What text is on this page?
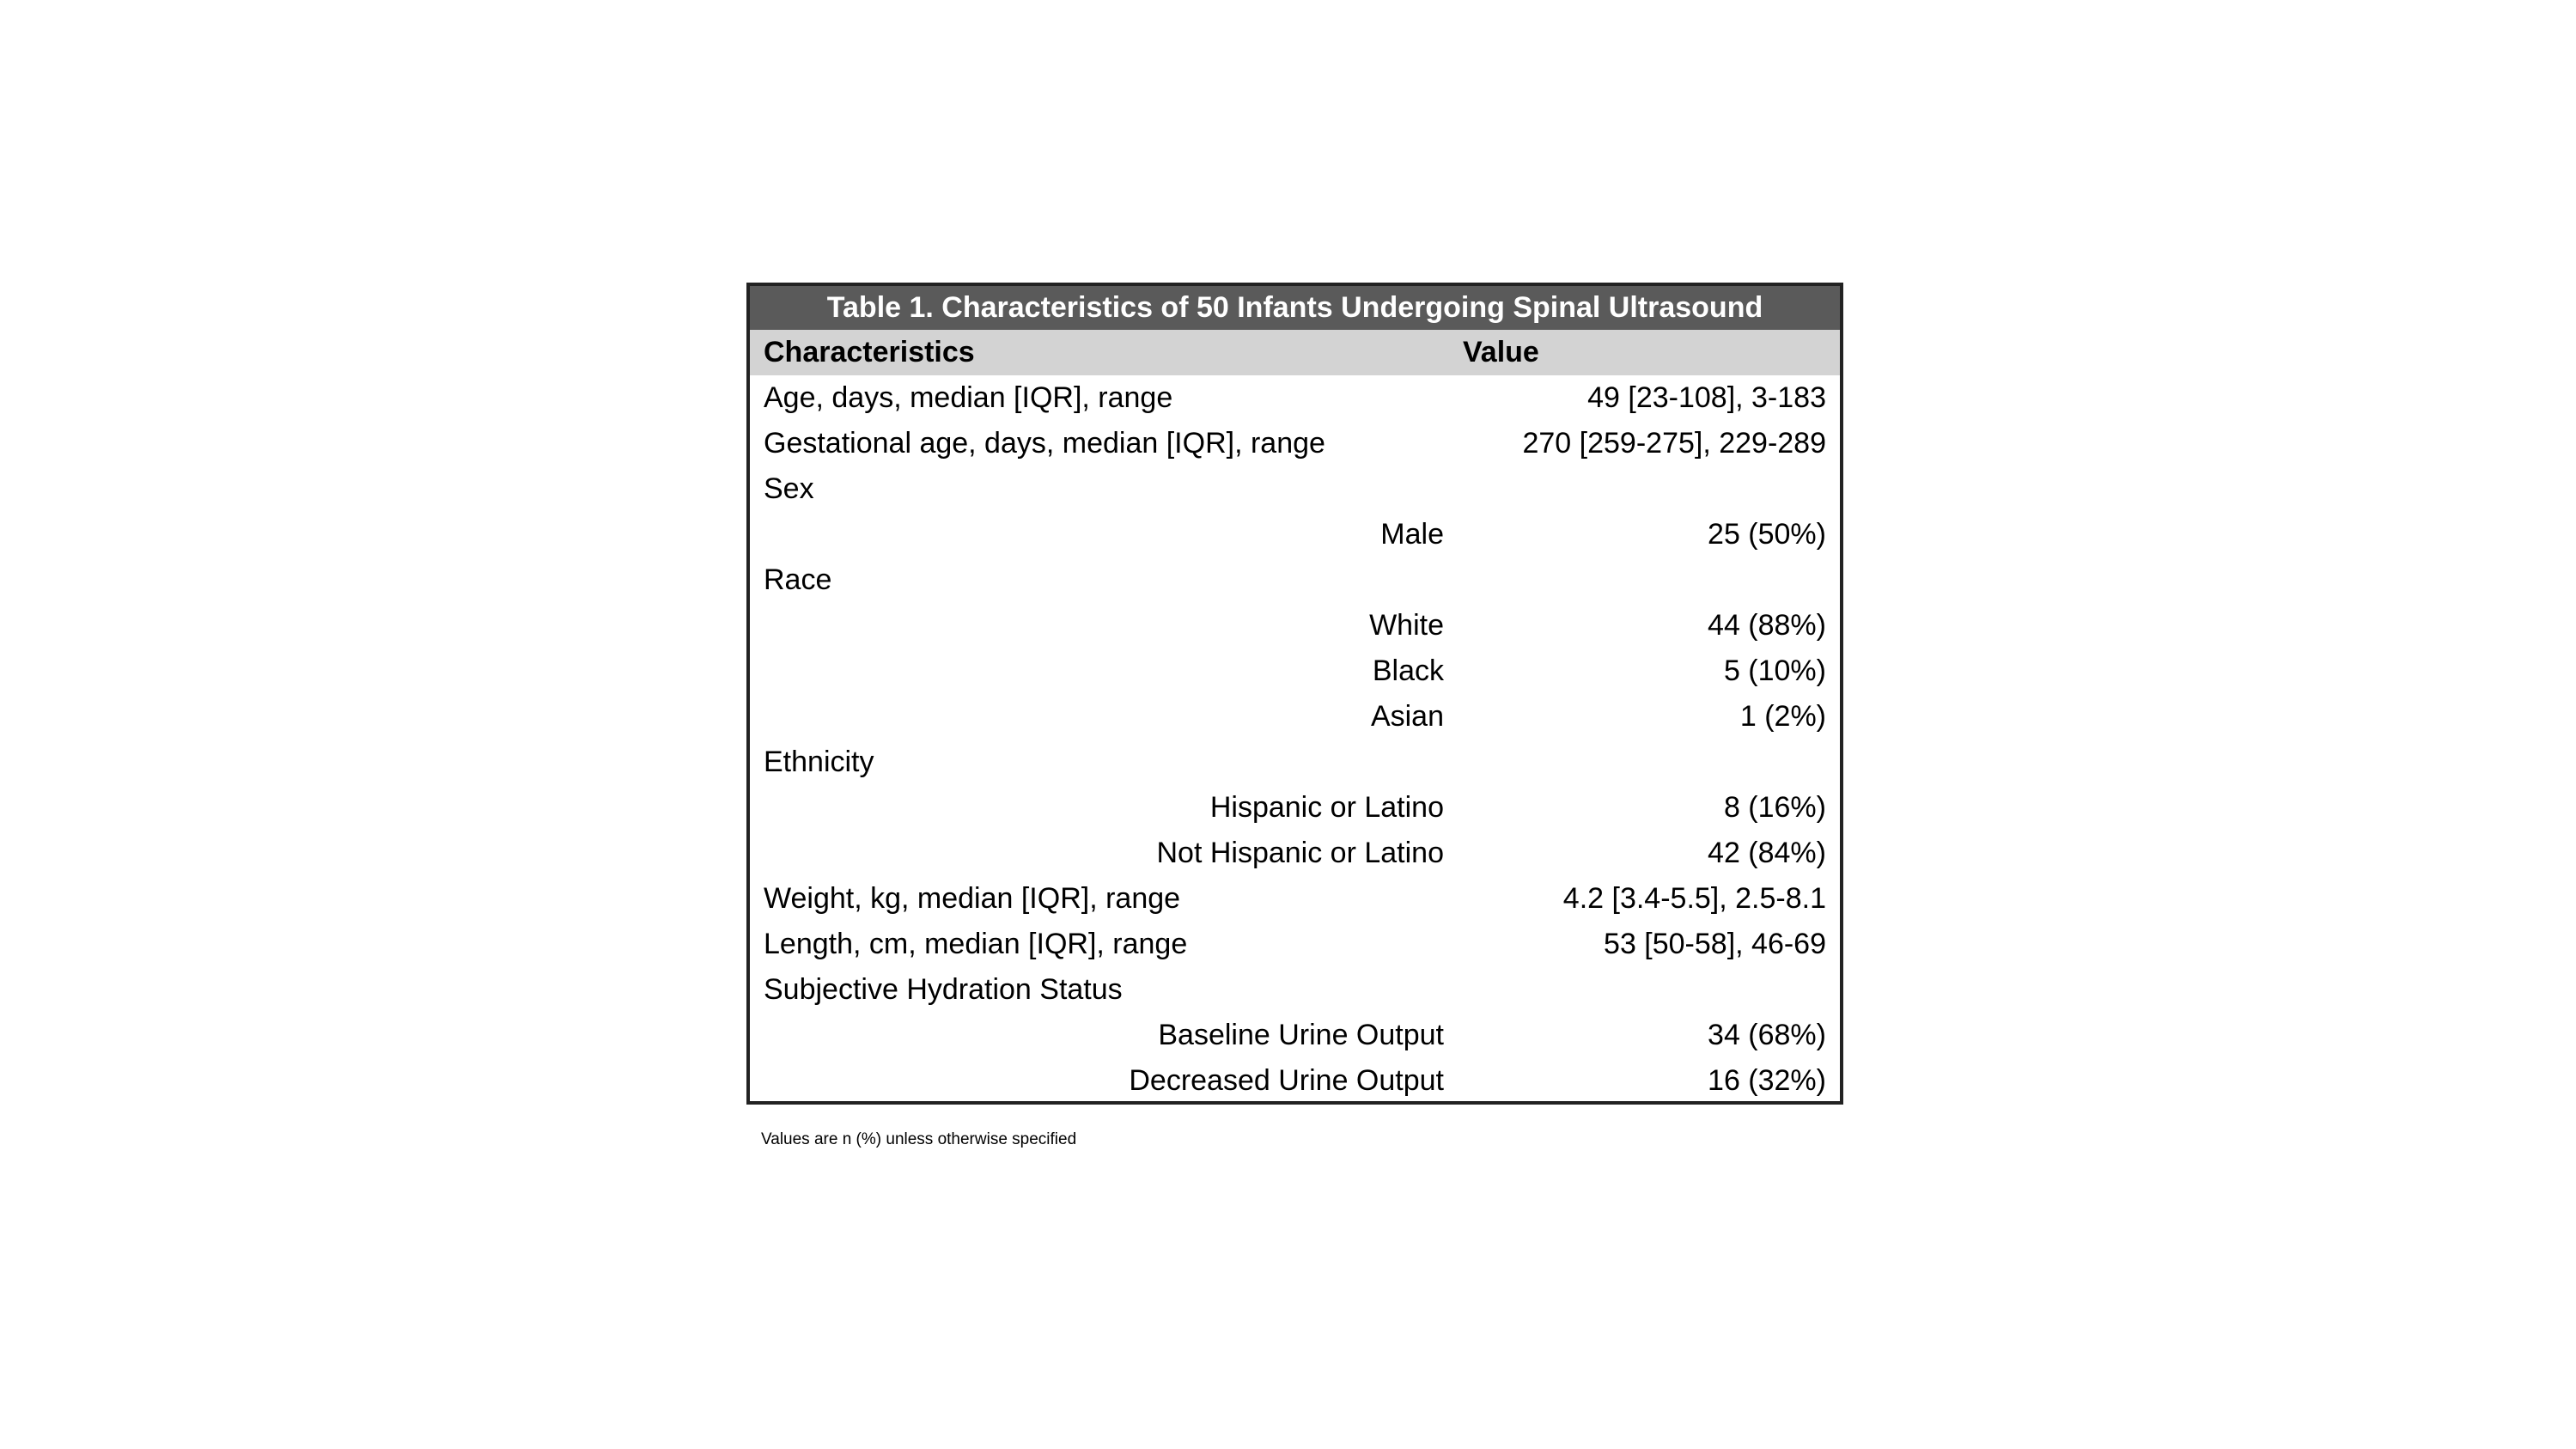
Table 1. Characteristics of 50 Infants Undergoing Spinal Ultrasound
Characteristics	Value
Age, days, median [IQR], range	49 [23-108], 3-183
Gestational age, days, median [IQR], range	270 [259-275], 229-289
Sex
Male	25 (50%)
Race
White	44 (88%)
Black	5 (10%)
Asian	1 (2%)
Ethnicity
Hispanic or Latino	8 (16%)
Not Hispanic or Latino	42 (84%)
Weight, kg, median [IQR], range	4.2 [3.4-5.5], 2.5-8.1
Length, cm, median [IQR], range	53 [50-58], 46-69
Subjective Hydration Status
Baseline Urine Output	34 (68%)
Decreased Urine Output	16 (32%)
Values are n (%) unless otherwise specified
